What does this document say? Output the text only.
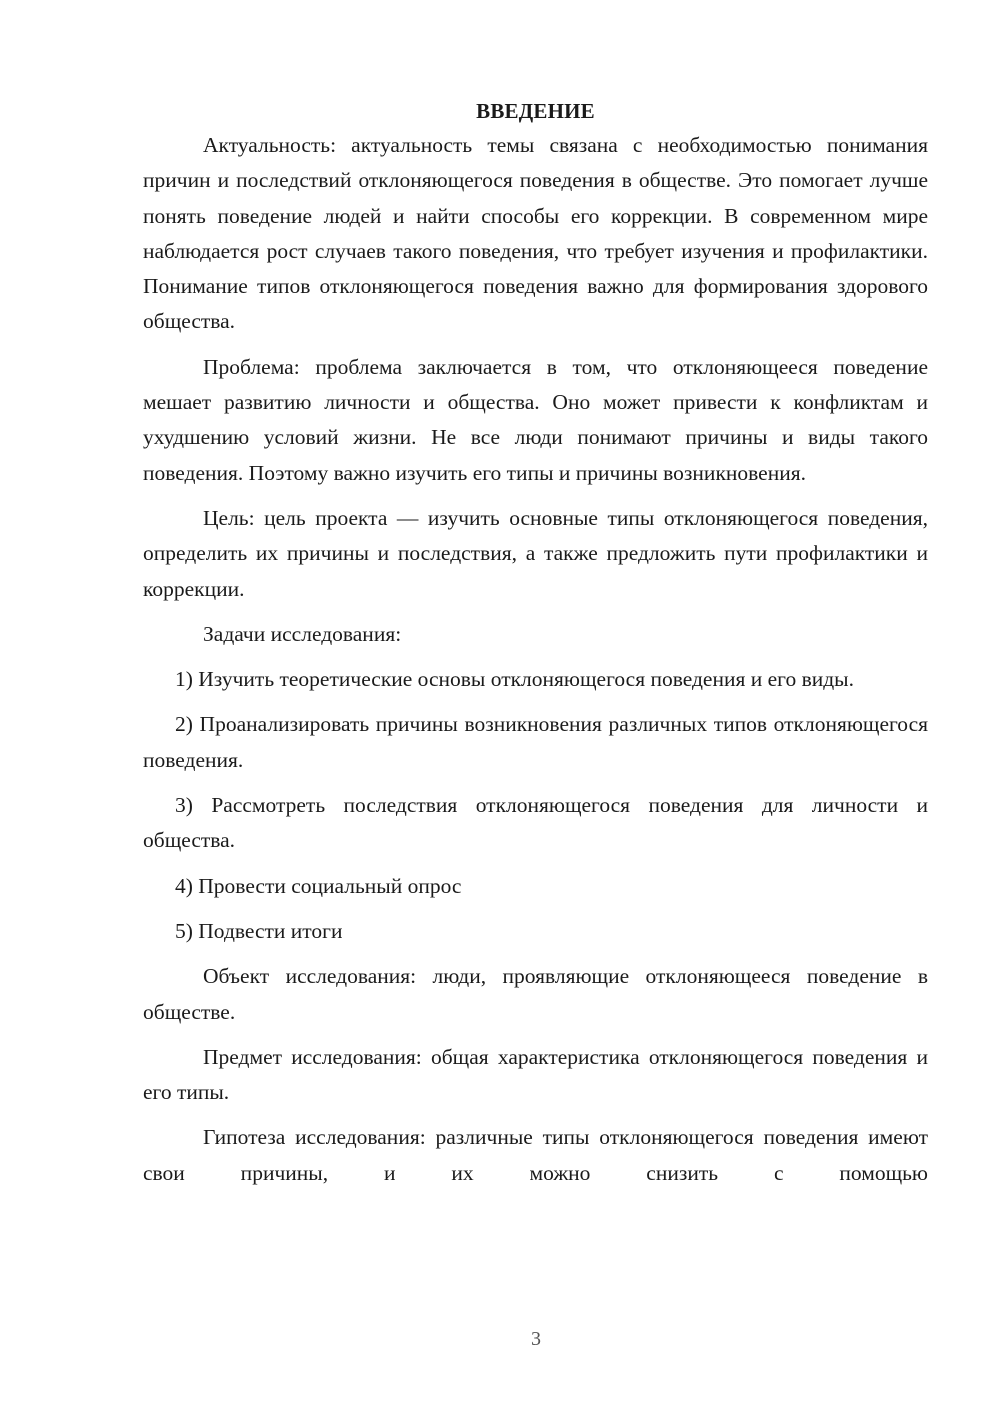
ВВЕДЕНИЕ

Актуальность: актуальность темы связана с необходимостью понимания причин и последствий отклоняющегося поведения в обществе. Это помогает лучше понять поведение людей и найти способы его коррекции. В современном мире наблюдается рост случаев такого поведения, что требует изучения и профилактики. Понимание типов отклоняющегося поведения важно для формирования здорового общества.

Проблема: проблема заключается в том, что отклоняющееся поведение мешает развитию личности и общества. Оно может привести к конфликтам и ухудшению условий жизни. Не все люди понимают причины и виды такого поведения. Поэтому важно изучить его типы и причины возникновения.

Цель: цель проекта — изучить основные типы отклоняющегося поведения, определить их причины и последствия, а также предложить пути профилактики и коррекции.

Задачи исследования:

1) Изучить теоретические основы отклоняющегося поведения и его виды.

2) Проанализировать причины возникновения различных типов отклоняющегося поведения.

3) Рассмотреть последствия отклоняющегося поведения для личности и общества.

4) Провести социальный опрос

5) Подвести итоги

Объект исследования: люди, проявляющие отклоняющееся поведение в обществе.

Предмет исследования: общая характеристика отклоняющегося поведения и его типы.

Гипотеза исследования: различные типы отклоняющегося поведения имеют свои причины, и их можно снизить с помощью

3
